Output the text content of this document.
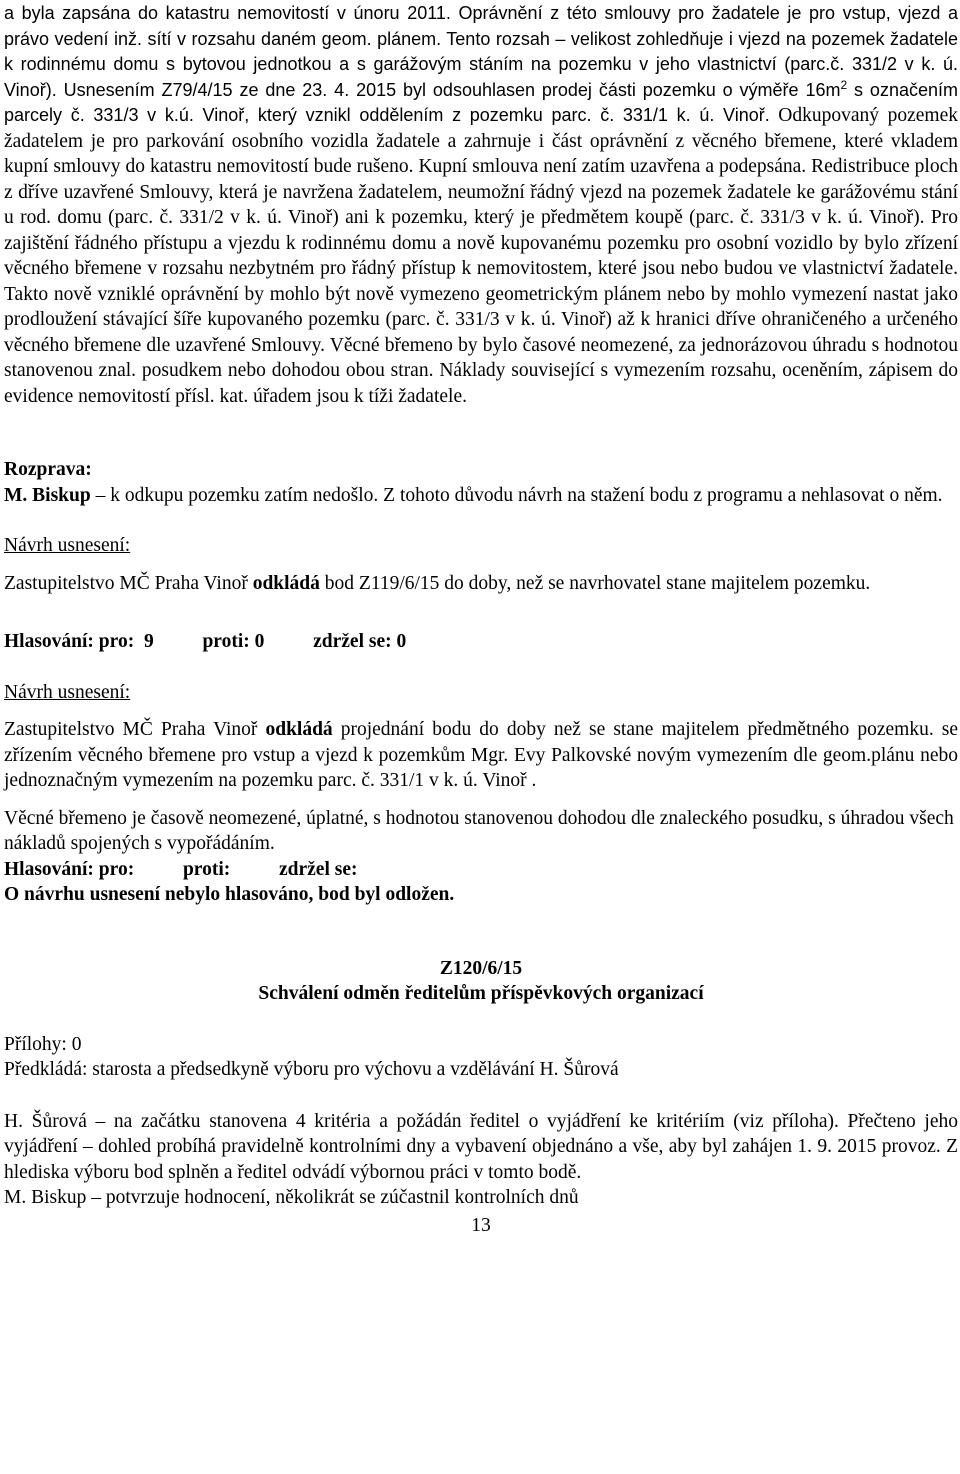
a byla zapsána do katastru nemovitostí v únoru 2011. Oprávnění z této smlouvy pro žadatele je pro vstup, vjezd a právo vedení inž. sítí v rozsahu daném geom. plánem. Tento rozsah – velikost zohledňuje i vjezd na pozemek žadatele k rodinnému domu s bytovou jednotkou a s garážovým stáním na pozemku v jeho vlastnictví (parc.č. 331/2 v k. ú. Vinoř). Usnesením Z79/4/15 ze dne 23. 4. 2015 byl odsouhlasen prodej části pozemku o výměře $16m^2$ s označením parcely č. 331/3 v k.ú. Vinoř, který vznikl oddělením z pozemku parc. č. 331/1 k. ú. Vinoř. Odkupovaný pozemek žadatelem je pro parkování osobního vozidla žadatele a zahrnuje i část oprávnění z věcného břemene, které vkladem kupní smlouvy do katastru nemovitostí bude rušeno. Kupní smlouva není zatím uzavřena a podepsána. Redistribuce ploch z dříve uzavřené Smlouvy, která je navržena žadatelem, neumožní řádný vjezd na pozemek žadatele ke garážovému stání u rod. domu (parc. č. 331/2 v k. ú. Vinoř) ani k pozemku, který je předmětem koupě (parc. č. 331/3 v k. ú. Vinoř). Pro zajištění řádného přístupu a vjezdu k rodinnému domu a nově kupovanému pozemku pro osobní vozidlo by bylo zřízení věcného břemene v rozsahu nezbytném pro řádný přístup k nemovitostem, které jsou nebo budou ve vlastnictví žadatele. Takto nově vzniklé oprávnění by mohlo být nově vymezeno geometrickým plánem nebo by mohlo vymezení nastat jako prodloužení stávající šíře kupovaného pozemku (parc. č. 331/3 v k. ú. Vinoř) až k hranici dříve ohraničeného a určeného věcného břemene dle uzavřené Smlouvy. Věcné břemeno by bylo časové neomezené, za jednorázovou úhradu s hodnotou stanovenou znal. posudkem nebo dohodou obou stran. Náklady související s vymezením rozsahu, oceněním, zápisem do evidence nemovitostí přísl. kat. úřadem jsou k tíži žadatele.

Rozprava:

M. Biskup – k odkupu pozemku zatím nedošlo. Z tohoto důvodu návrh na stažení bodu z programu a nehlasovat o něm.

Návrh usnesení:

Zastupitelstvo MČ Praha Vinoř odkládá bod Z119/6/15 do doby, než se navrhovatel stane majitelem pozemku.

Hlasování: pro:  9          proti: 0          zdržel se: 0

Návrh usnesení:

Zastupitelstvo MČ Praha Vinoř odkládá projednání bodu do doby než se stane majitelem předmětného pozemku. se zřízením věcného břemene pro vstup a vjezd k pozemkům Mgr. Evy Palkovské novým vymezením dle geom.plánu nebo jednoznačným vymezením na pozemku parc. č. 331/1 v k. ú. Vinoř .

Věcné břemeno je časově neomezené, úplatné, s hodnotou stanovenou dohodou dle znaleckého posudku, s úhradou všech nákladů spojených s vypořádáním.

Hlasování: pro:          proti:          zdržel se:

O návrhu usnesení nebylo hlasováno, bod byl odložen.

Z120/6/15

Schválení odměn ředitelům příspěvkových organizací

Přílohy: 0

Předkládá: starosta a předsedkyně výboru pro výchovu a vzdělávání H. Šůrová

H. Šůrová – na začátku stanovena 4 kritéria a požádán ředitel o vyjádření ke kritériím (viz příloha). Přečteno jeho vyjádření – dohled probíhá pravidelně kontrolními dny a vybavení objednáno a vše, aby byl zahájen 1. 9. 2015 provoz. Z hlediska výboru bod splněn a ředitel odvádí výbornou práci v tomto bodě.

M. Biskup – potvrzuje hodnocení, několikrát se zúčastnil kontrolních dnů

13
